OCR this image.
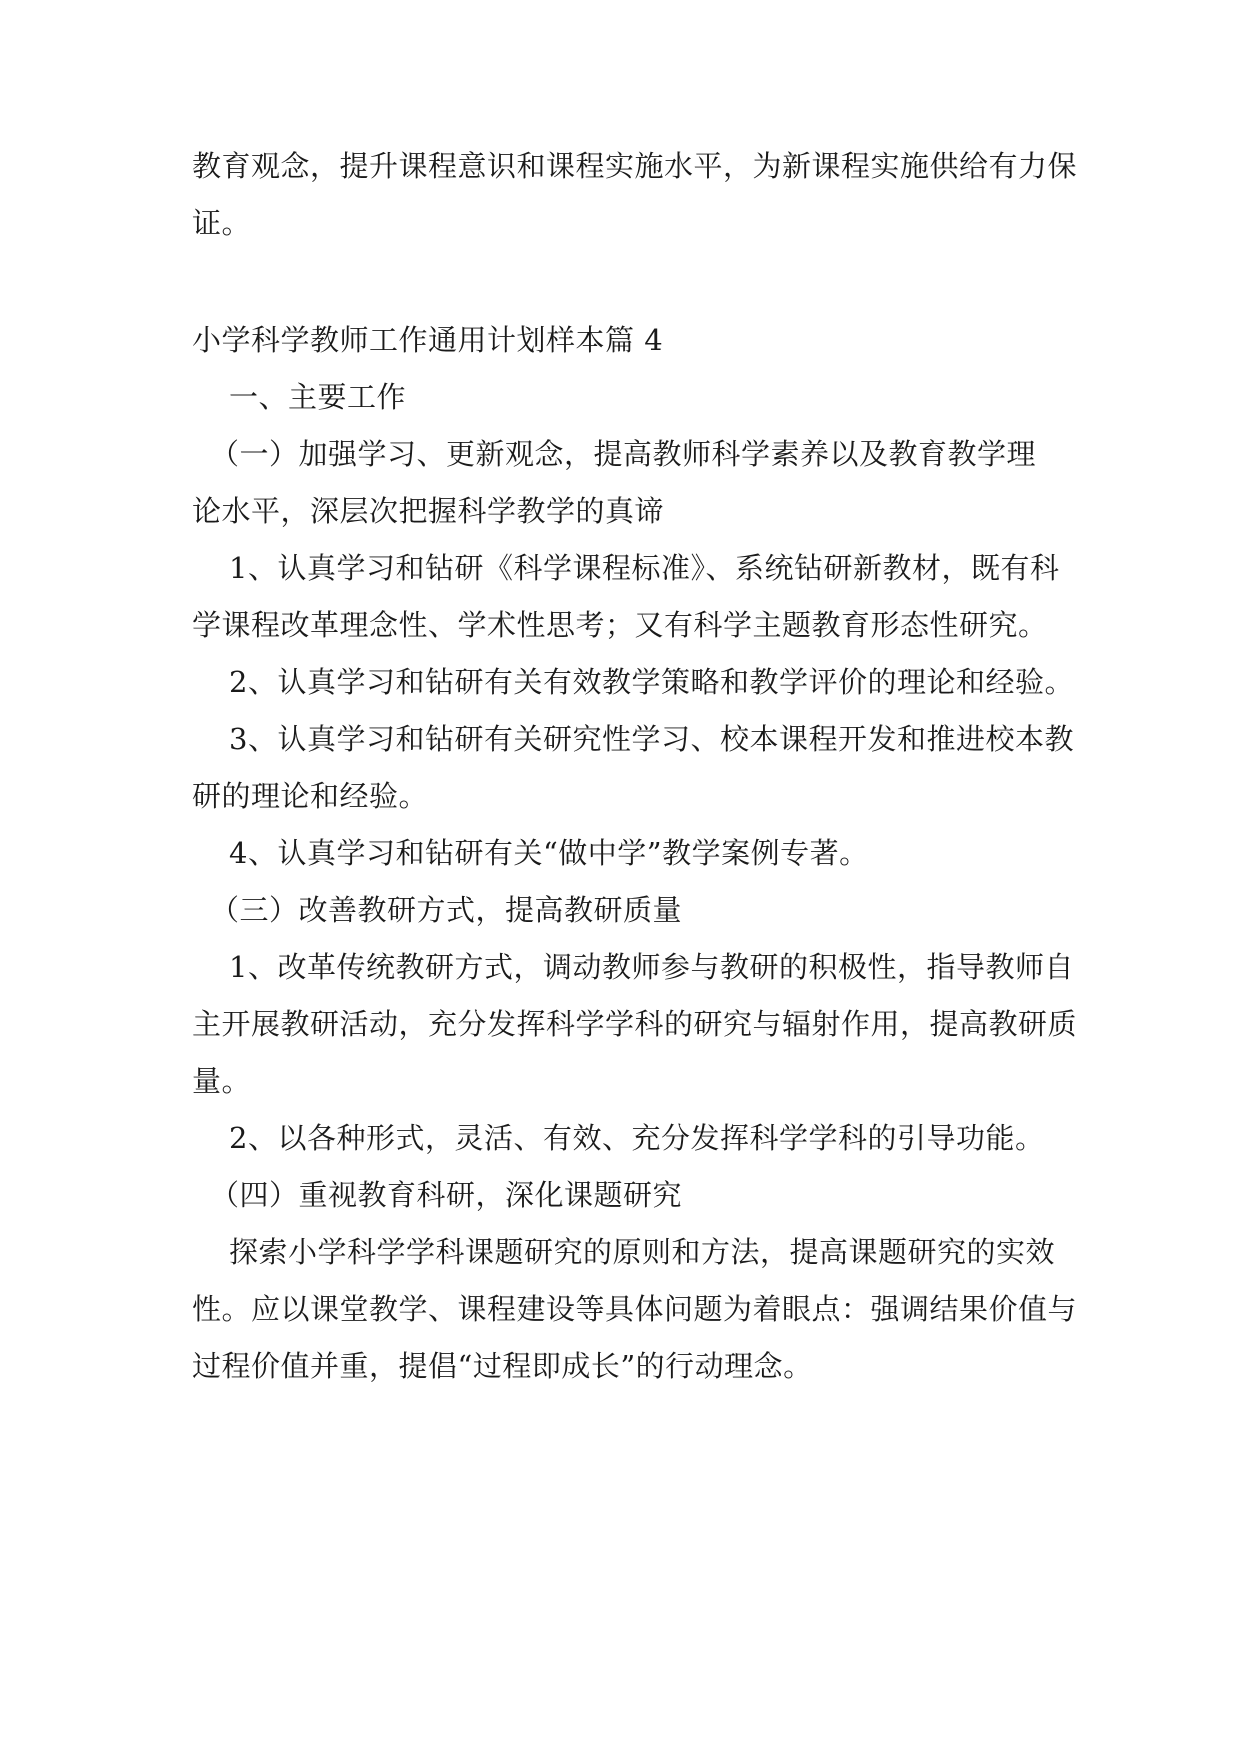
教育观念，提升课程意识和课程实施水平，为新课程实施供给有力保
证。
小学科学教师工作通用计划样本篇 4
一、主要工作
（一）加强学习、更新观念，提高教师科学素养以及教育教学理
论水平，深层次把握科学教学的真谛
1、认真学习和钻研《科学课程标准》、系统钻研新教材，既有科
学课程改革理念性、学术性思考；又有科学主题教育形态性研究。
2、认真学习和钻研有关有效教学策略和教学评价的理论和经验。
3、认真学习和钻研有关研究性学习、校本课程开发和推进校本教
研的理论和经验。
4、认真学习和钻研有关“做中学”教学案例专著。
（三）改善教研方式，提高教研质量
1、改革传统教研方式，调动教师参与教研的积极性，指导教师自
主开展教研活动，充分发挥科学学科的研究与辐射作用，提高教研质
量。
2、以各种形式，灵活、有效、充分发挥科学学科的引导功能。
（四）重视教育科研，深化课题研究
探索小学科学学科课题研究的原则和方法，提高课题研究的实效
性。应以课堂教学、课程建设等具体问题为着眼点：强调结果价值与
过程价值并重，提倡“过程即成长”的行动理念。
